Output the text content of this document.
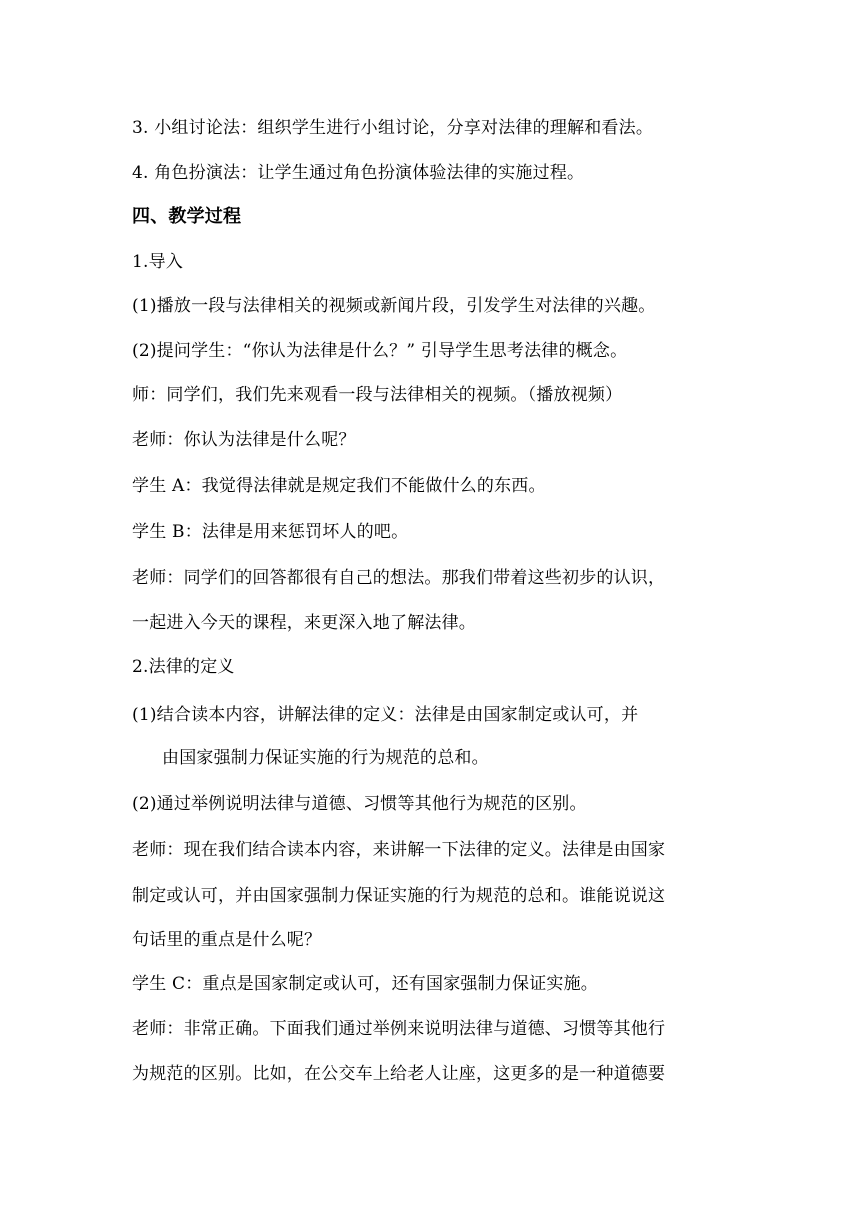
3. 小组讨论法：组织学生进行小组讨论，分享对法律的理解和看法。
4. 角色扮演法：让学生通过角色扮演体验法律的实施过程。
四、教学过程
1.导入
(1)播放一段与法律相关的视频或新闻片段，引发学生对法律的兴趣。
(2)提问学生：“你认为法律是什么？” 引导学生思考法律的概念。
师：同学们，我们先来观看一段与法律相关的视频。（播放视频）
老师：你认为法律是什么呢？
学生 A：我觉得法律就是规定我们不能做什么的东西。
学生 B：法律是用来惩罚坏人的吧。
老师：同学们的回答都很有自己的想法。那我们带着这些初步的认识，
一起进入今天的课程，来更深入地了解法律。
2.法律的定义
(1)结合读本内容，讲解法律的定义：法律是由国家制定或认可，并
由国家强制力保证实施的行为规范的总和。
(2)通过举例说明法律与道德、习惯等其他行为规范的区别。
老师：现在我们结合读本内容，来讲解一下法律的定义。法律是由国家
制定或认可，并由国家强制力保证实施的行为规范的总和。谁能说说这
句话里的重点是什么呢？
学生 C：重点是国家制定或认可，还有国家强制力保证实施。
老师：非常正确。下面我们通过举例来说明法律与道德、习惯等其他行
为规范的区别。比如，在公交车上给老人让座，这更多的是一种道德要
